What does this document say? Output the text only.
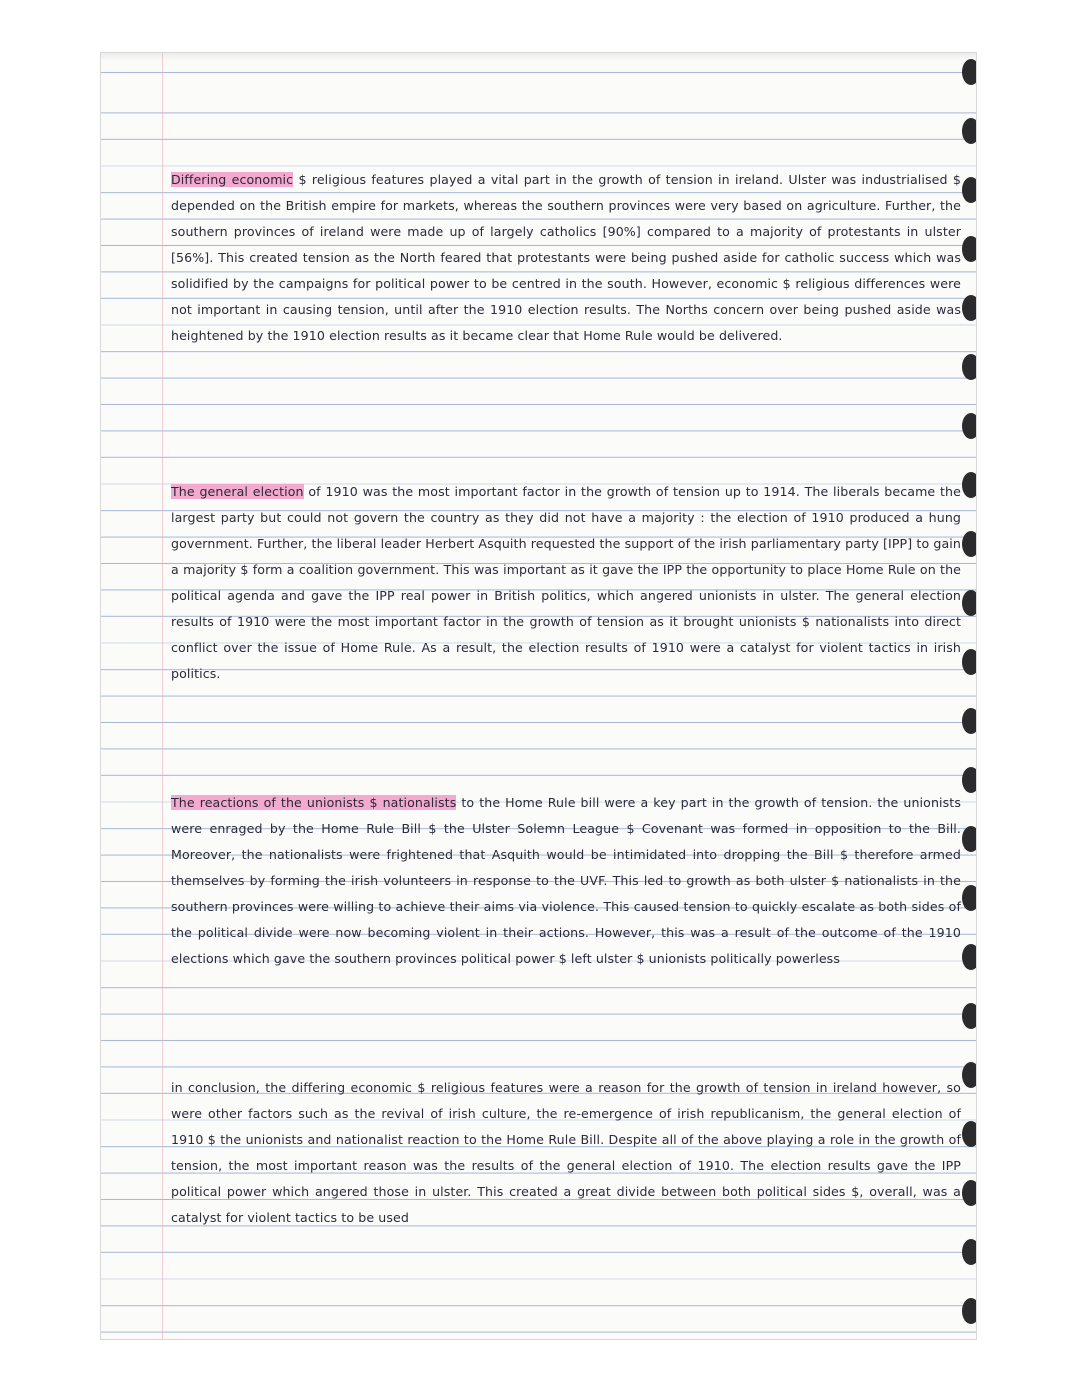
Differing economic $ religious features played a vital part in the growth of tension in ireland. Ulster was industrialised $ depended on the British empire for markets, whereas the southern provinces were very based on agriculture. Further, the southern provinces of ireland were made up of largely catholics [90%] compared to a majority of protestants in ulster [56%]. This created tension as the North feared that protestants were being pushed aside for catholic success which was solidified by the campaigns for political power to be centred in the south. However, economic $ religious differences were not important in causing tension, until after the 1910 election results. The Norths concern over being pushed aside was heightened by the 1910 election results as it became clear that Home Rule would be delivered.
The general election of 1910 was the most important factor in the growth of tension up to 1914. The liberals became the largest party but could not govern the country as they did not have a majority : the election of 1910 produced a hung government. Further, the liberal leader Herbert Asquith requested the support of the irish parliamentary party [IPP] to gain a majority $ form a coalition government. This was important as it gave the IPP the opportunity to place Home Rule on the political agenda and gave the IPP real power in British politics, which angered unionists in ulster. The general election results of 1910 were the most important factor in the growth of tension as it brought unionists $ nationalists into direct conflict over the issue of Home Rule. As a result, the election results of 1910 were a catalyst for violent tactics in irish politics.
The reactions of the unionists $ nationalists to the Home Rule bill were a key part in the growth of tension. the unionists were enraged by the Home Rule Bill $ the Ulster Solemn League $ Covenant was formed in opposition to the Bill. Moreover, the nationalists were frightened that Asquith would be intimidated into dropping the Bill $ therefore armed themselves by forming the irish volunteers in response to the UVF. This led to growth as both ulster $ nationalists in the southern provinces were willing to achieve their aims via violence. This caused tension to quickly escalate as both sides of the political divide were now becoming violent in their actions. However, this was a result of the outcome of the 1910 elections which gave the southern provinces political power $ left ulster $ unionists politically powerless
in conclusion, the differing economic $ religious features were a reason for the growth of tension in ireland however, so were other factors such as the revival of irish culture, the re-emergence of irish republicanism, the general election of 1910 $ the unionists and nationalist reaction to the Home Rule Bill. Despite all of the above playing a role in the growth of tension, the most important reason was the results of the general election of 1910. The election results gave the IPP political power which angered those in ulster. This created a great divide between both political sides $, overall, was a catalyst for violent tactics to be used
